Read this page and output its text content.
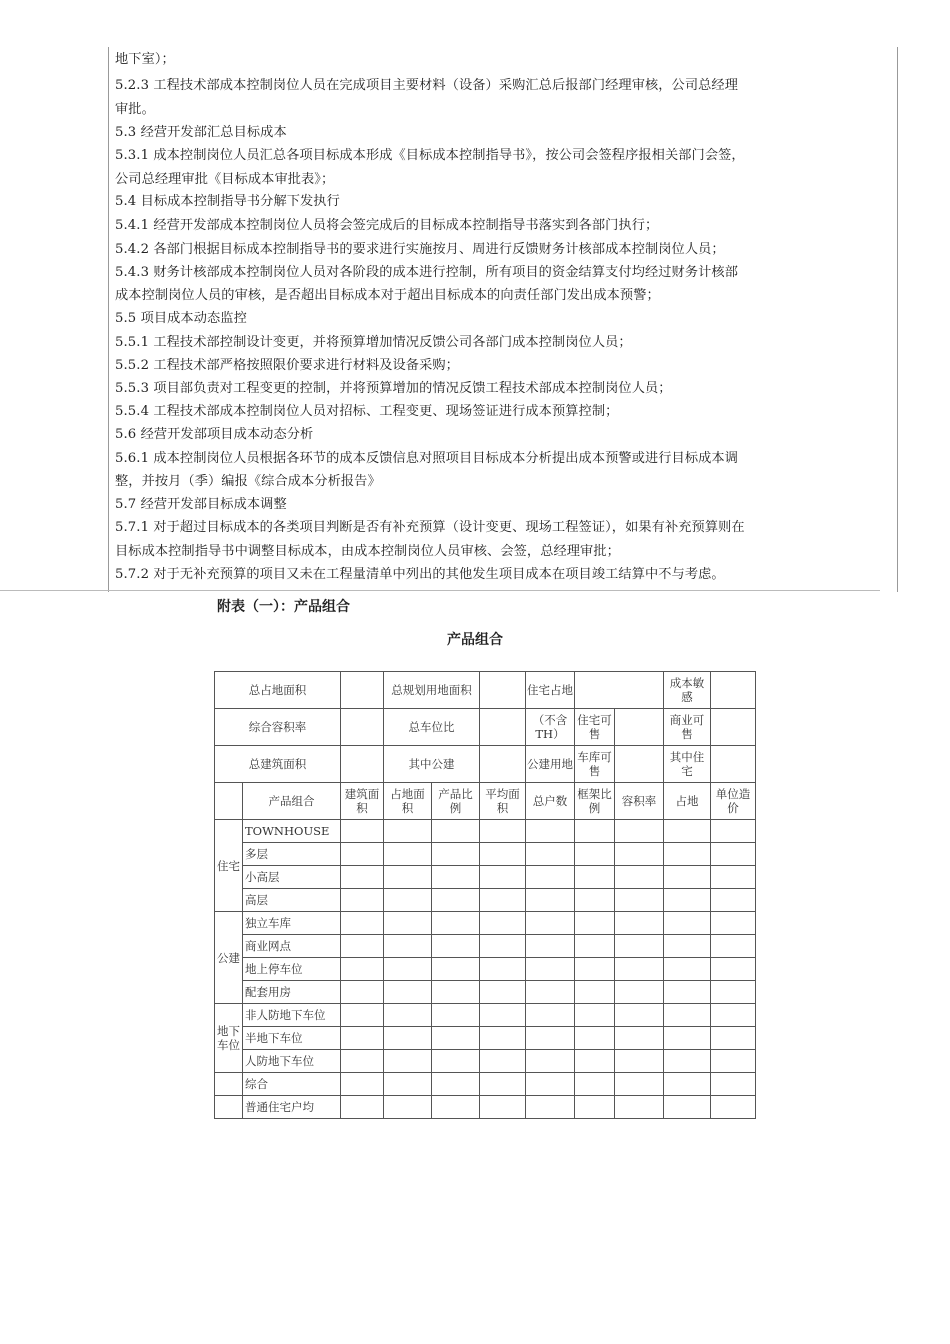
地下室）；
5.2.3 工程技术部成本控制岗位人员在完成项目主要材料（设备）采购汇总后报部门经理审核，公司总经理
审批。
5.3 经营开发部汇总目标成本
5.3.1 成本控制岗位人员汇总各项目标成本形成《目标成本控制指导书》，按公司会签程序报相关部门会签，
公司总经理审批《目标成本审批表》；
5.4 目标成本控制指导书分解下发执行
5.4.1 经营开发部成本控制岗位人员将会签完成后的目标成本控制指导书落实到各部门执行；
5.4.2 各部门根据目标成本控制指导书的要求进行实施按月、周进行反馈财务计核部成本控制岗位人员；
5.4.3 财务计核部成本控制岗位人员对各阶段的成本进行控制，所有项目的资金结算支付均经过财务计核部
成本控制岗位人员的审核，是否超出目标成本对于超出目标成本的向责任部门发出成本预警；
5.5 项目成本动态监控
5.5.1 工程技术部控制设计变更，并将预算增加情况反馈公司各部门成本控制岗位人员；
5.5.2 工程技术部严格按照限价要求进行材料及设备采购；
5.5.3 项目部负责对工程变更的控制，并将预算增加的情况反馈工程技术部成本控制岗位人员；
5.5.4 工程技术部成本控制岗位人员对招标、工程变更、现场签证进行成本预算控制；
5.6 经营开发部项目成本动态分析
5.6.1 成本控制岗位人员根据各环节的成本反馈信息对照项目目标成本分析提出成本预警或进行目标成本调
整，并按月（季）编报《综合成本分析报告》
5.7 经营开发部目标成本调整
5.7.1 对于超过目标成本的各类项目判断是否有补充预算（设计变更、现场工程签证），如果有补充预算则在
目标成本控制指导书中调整目标成本，由成本控制岗位人员审核、会签，总经理审批；
5.7.2 对于无补充预算的项目又未在工程量清单中列出的其他发生项目成本在项目竣工结算中不与考虑。
附表（一）：产品组合
产品组合
总占地面积			总规划用地面积			住宅占地			成本敏感	
综合容积率			总车位比			（不含TH）	住宅可售		商业可售	
总建筑面积			其中公建			公建用地	车库可售		其中住宅	
	产品组合	建筑面积	占地面积	产品比例	平均面积	总户数	框架比例	容积率	占地	单位造价
住宅	TOWNHOUSE									
	多层									
	小高层									
	高层									
公建	独立车库									
	商业网点									
	地上停车位									
	配套用房									
地下车位	非人防地下车位									
	半地下车位									
	人防地下车位									
	综合									
	普通住宅户均									
